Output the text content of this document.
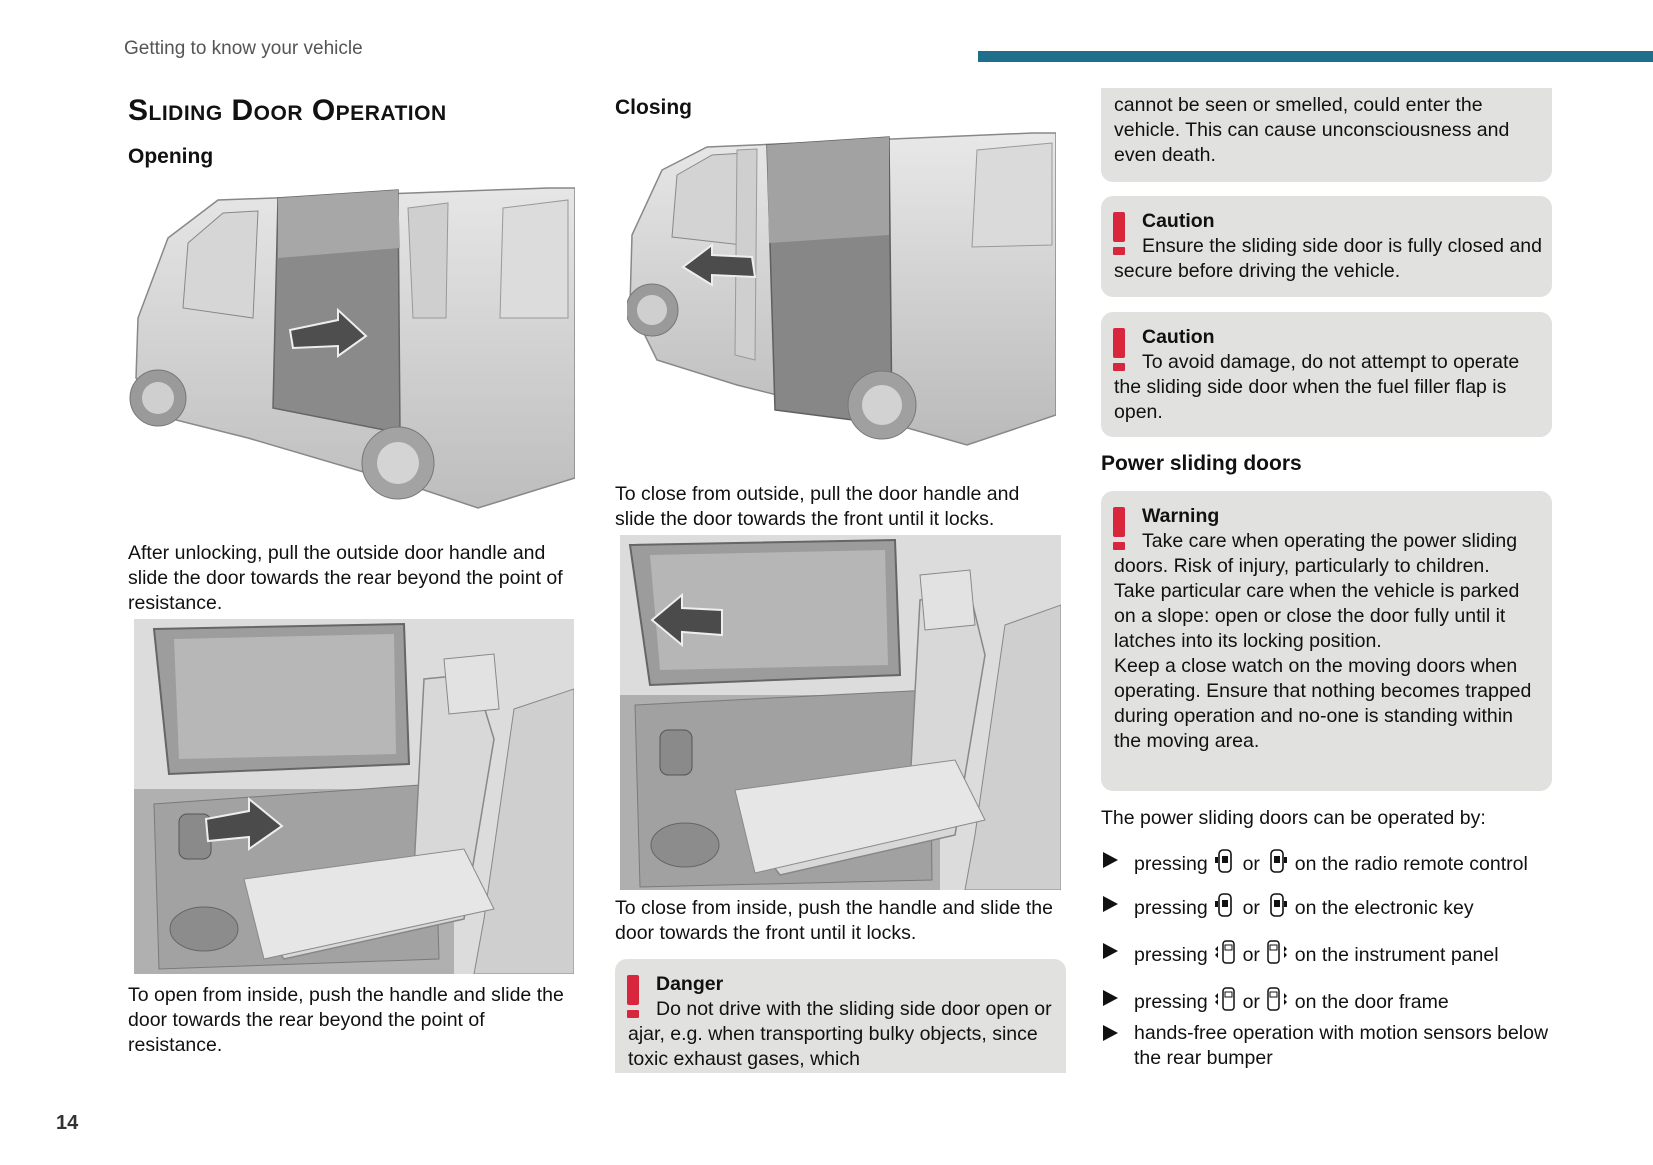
Getting to know your vehicle
Sliding Door Operation
Opening
After unlocking, pull the outside door handle and slide the door towards the rear beyond the point of resistance.
To open from inside, push the handle and slide the door towards the rear beyond the point of resistance.
Closing
To close from outside, pull the door handle and slide the door towards the front until it locks.
To close from inside, push the handle and slide the door towards the front until it locks.
Danger
Do not drive with the sliding side door open or ajar, e.g. when transporting bulky objects, since toxic exhaust gases, which
cannot be seen or smelled, could enter the vehicle. This can cause unconsciousness and even death.
Caution
Ensure the sliding side door is fully closed and secure before driving the vehicle.
Caution
To avoid damage, do not attempt to operate the sliding side door when the fuel filler flap is open.
Power sliding doors
Warning
Take care when operating the power sliding doors. Risk of injury, particularly to children.
Take particular care when the vehicle is parked on a slope: open or close the door fully until it latches into its locking position.
Keep a close watch on the moving doors when operating. Ensure that nothing becomes trapped during operation and no-one is standing within the moving area.
The power sliding doors can be operated by:
pressing or on the radio remote control
pressing or on the electronic key
pressing or on the instrument panel
pressing or on the door frame
hands-free operation with motion sensors below the rear bumper
14
